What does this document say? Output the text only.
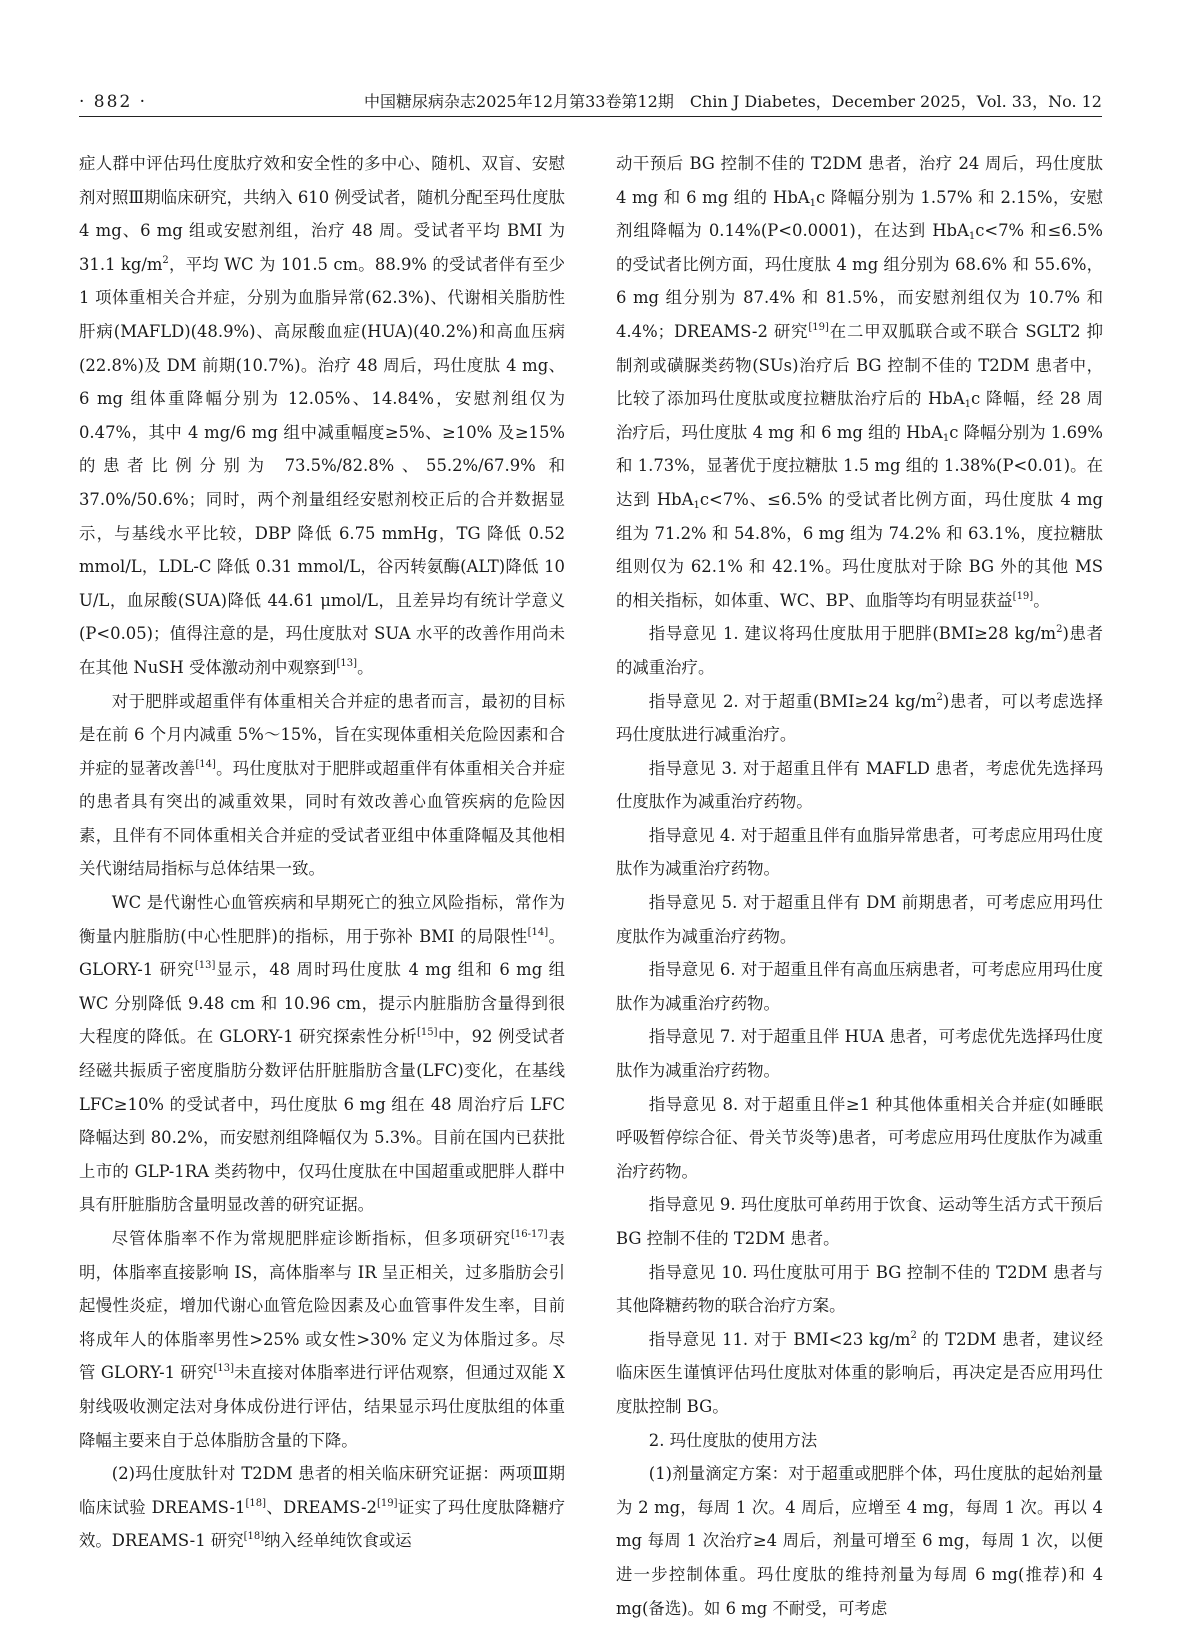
· 882 ·	中国糖尿病杂志2025年12月第33卷第12期　Chin J Diabetes，December 2025，Vol. 33，No. 12

症人群中评估玛仕度肽疗效和安全性的多中心、随机、双盲、安慰剂对照Ⅲ期临床研究，共纳入 610 例受试者，随机分配至玛仕度肽 4 mg、6 mg 组或安慰剂组，治疗 48 周。受试者平均 BMI 为 31.1 $kg/m^2$，平均 WC 为 101.5 cm。88.9% 的受试者伴有至少 1 项体重相关合并症，分别为血脂异常(62.3%)、代谢相关脂肪性肝病(MAFLD)(48.9%)、高尿酸血症(HUA)(40.2%)和高血压病(22.8%)及 DM 前期(10.7%)。治疗 48 周后，玛仕度肽 4 mg、6 mg 组体重降幅分别为 12.05%、14.84%，安慰剂组仅为 0.47%，其中 4 mg/6 mg 组中减重幅度≥5%、≥10% 及≥15% 的患者比例分别为 73.5%/82.8%、55.2%/67.9% 和 37.0%/50.6%；同时，两个剂量组经安慰剂校正后的合并数据显示，与基线水平比较，DBP 降低 6.75 mmHg，TG 降低 0.52 mmol/L，LDL-C 降低 0.31 mmol/L，谷丙转氨酶(ALT)降低 10 U/L，血尿酸(SUA)降低 44.61 μmol/L，且差异均有统计学意义(P<0.05)；值得注意的是，玛仕度肽对 SUA 水平的改善作用尚未在其他 NuSH 受体激动剂中观察到[13]。

对于肥胖或超重伴有体重相关合并症的患者而言，最初的目标是在前 6 个月内减重 5%～15%，旨在实现体重相关危险因素和合并症的显著改善[14]。玛仕度肽对于肥胖或超重伴有体重相关合并症的患者具有突出的减重效果，同时有效改善心血管疾病的危险因素，且伴有不同体重相关合并症的受试者亚组中体重降幅及其他相关代谢结局指标与总体结果一致。

WC 是代谢性心血管疾病和早期死亡的独立风险指标，常作为衡量内脏脂肪(中心性肥胖)的指标，用于弥补 BMI 的局限性[14]。GLORY-1 研究[13]显示，48 周时玛仕度肽 4 mg 组和 6 mg 组 WC 分别降低 9.48 cm 和 10.96 cm，提示内脏脂肪含量得到很大程度的降低。在 GLORY-1 研究探索性分析[15]中，92 例受试者经磁共振质子密度脂肪分数评估肝脏脂肪含量(LFC)变化，在基线 LFC≥10% 的受试者中，玛仕度肽 6 mg 组在 48 周治疗后 LFC 降幅达到 80.2%，而安慰剂组降幅仅为 5.3%。目前在国内已获批上市的 GLP-1RA 类药物中，仅玛仕度肽在中国超重或肥胖人群中具有肝脏脂肪含量明显改善的研究证据。

尽管体脂率不作为常规肥胖症诊断指标，但多项研究[16-17]表明，体脂率直接影响 IS，高体脂率与 IR 呈正相关，过多脂肪会引起慢性炎症，增加代谢心血管危险因素及心血管事件发生率，目前将成年人的体脂率男性>25% 或女性>30% 定义为体脂过多。尽管 GLORY-1 研究[13]未直接对体脂率进行评估观察，但通过双能 X 射线吸收测定法对身体成份进行评估，结果显示玛仕度肽组的体重降幅主要来自于总体脂肪含量的下降。

(2)玛仕度肽针对 T2DM 患者的相关临床研究证据：两项Ⅲ期临床试验 DREAMS-1[18]、DREAMS-2[19]证实了玛仕度肽降糖疗效。DREAMS-1 研究[18]纳入经单纯饮食或运

动干预后 BG 控制不佳的 T2DM 患者，治疗 24 周后，玛仕度肽 4 mg 和 6 mg 组的 HbA$_1$c 降幅分别为 1.57% 和 2.15%，安慰剂组降幅为 0.14%(P<0.0001)，在达到 HbA$_1$c<7% 和≤6.5% 的受试者比例方面，玛仕度肽 4 mg 组分别为 68.6% 和 55.6%，6 mg 组分别为 87.4% 和 81.5%，而安慰剂组仅为 10.7% 和 4.4%；DREAMS-2 研究[19]在二甲双胍联合或不联合 SGLT2 抑制剂或磺脲类药物(SUs)治疗后 BG 控制不佳的 T2DM 患者中，比较了添加玛仕度肽或度拉糖肽治疗后的 HbA$_1$c 降幅，经 28 周治疗后，玛仕度肽 4 mg 和 6 mg 组的 HbA$_1$c 降幅分别为 1.69% 和 1.73%，显著优于度拉糖肽 1.5 mg 组的 1.38%(P<0.01)。在达到 HbA$_1$c<7%、≤6.5% 的受试者比例方面，玛仕度肽 4 mg 组为 71.2% 和 54.8%，6 mg 组为 74.2% 和 63.1%，度拉糖肽组则仅为 62.1% 和 42.1%。玛仕度肽对于除 BG 外的其他 MS 的相关指标，如体重、WC、BP、血脂等均有明显获益[19]。

指导意见 1. 建议将玛仕度肽用于肥胖(BMI≥28 $kg/m^2$)患者的减重治疗。

指导意见 2. 对于超重(BMI≥24 $kg/m^2$)患者，可以考虑选择玛仕度肽进行减重治疗。

指导意见 3. 对于超重且伴有 MAFLD 患者，考虑优先选择玛仕度肽作为减重治疗药物。

指导意见 4. 对于超重且伴有血脂异常患者，可考虑应用玛仕度肽作为减重治疗药物。

指导意见 5. 对于超重且伴有 DM 前期患者，可考虑应用玛仕度肽作为减重治疗药物。

指导意见 6. 对于超重且伴有高血压病患者，可考虑应用玛仕度肽作为减重治疗药物。

指导意见 7. 对于超重且伴 HUA 患者，可考虑优先选择玛仕度肽作为减重治疗药物。

指导意见 8. 对于超重且伴≥1 种其他体重相关合并症(如睡眠呼吸暂停综合征、骨关节炎等)患者，可考虑应用玛仕度肽作为减重治疗药物。

指导意见 9. 玛仕度肽可单药用于饮食、运动等生活方式干预后 BG 控制不佳的 T2DM 患者。

指导意见 10. 玛仕度肽可用于 BG 控制不佳的 T2DM 患者与其他降糖药物的联合治疗方案。

指导意见 11. 对于 BMI<23 $kg/m^2$ 的 T2DM 患者，建议经临床医生谨慎评估玛仕度肽对体重的影响后，再决定是否应用玛仕度肽控制 BG。

2. 玛仕度肽的使用方法

(1)剂量滴定方案：对于超重或肥胖个体，玛仕度肽的起始剂量为 2 mg，每周 1 次。4 周后，应增至 4 mg，每周 1 次。再以 4 mg 每周 1 次治疗≥4 周后，剂量可增至 6 mg，每周 1 次，以便进一步控制体重。玛仕度肽的维持剂量为每周 6 mg(推荐)和 4 mg(备选)。如 6 mg 不耐受，可考虑
